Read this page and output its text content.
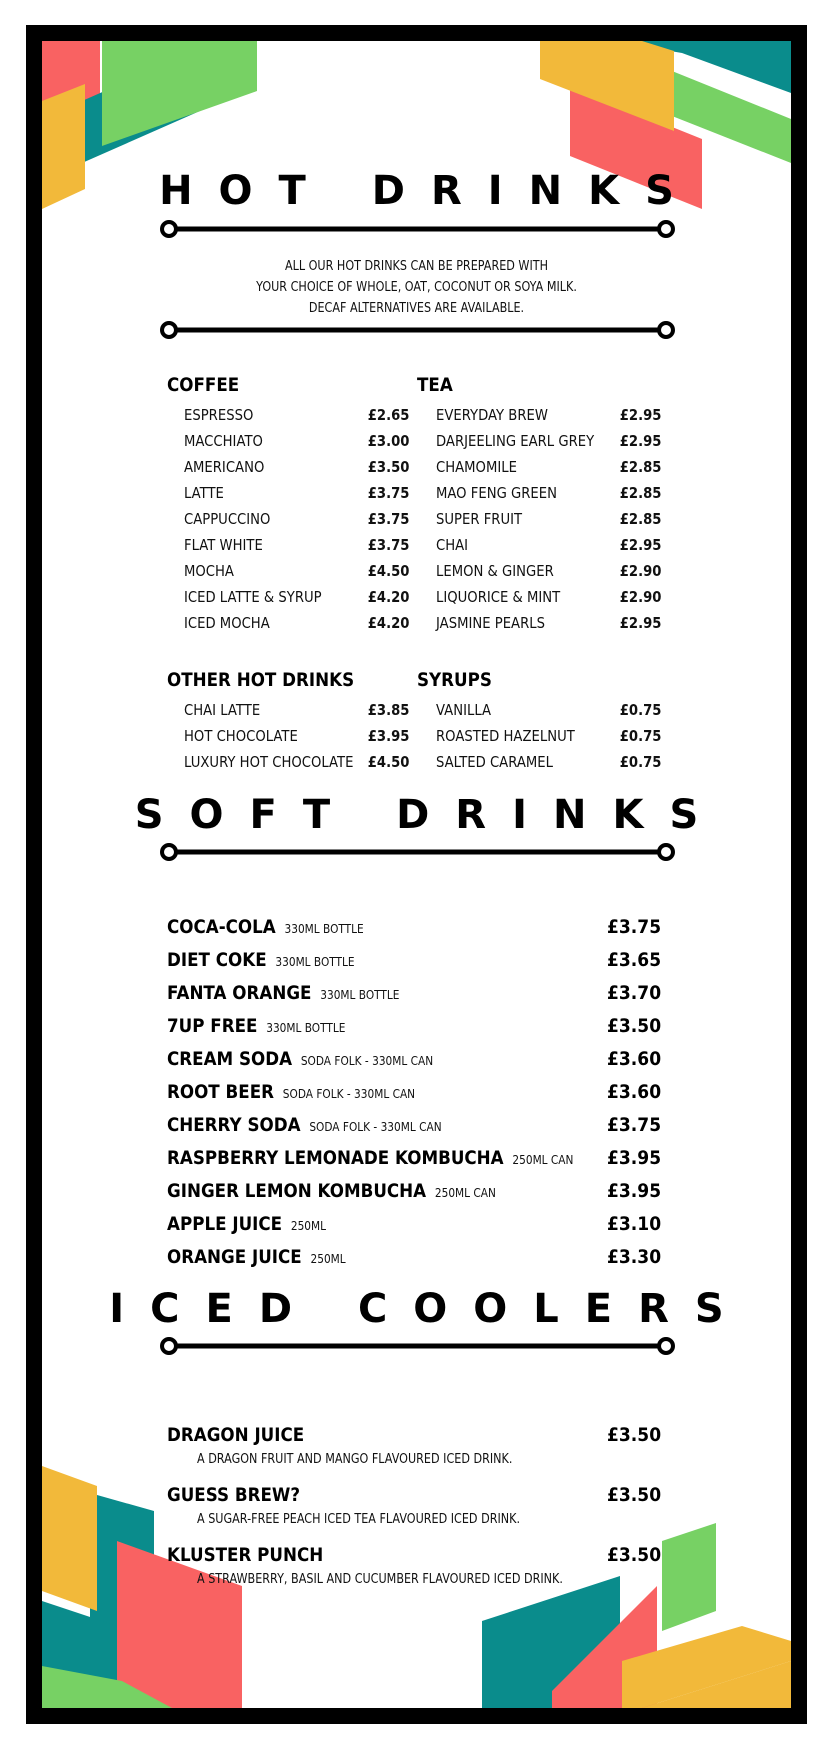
HOT DRINKS
ALL OUR HOT DRINKS CAN BE PREPARED WITH
YOUR CHOICE OF WHOLE, OAT, COCONUT OR SOYA MILK.
DECAF ALTERNATIVES ARE AVAILABLE.
COFFEE
ESPRESSO	£2.65
MACCHIATO	£3.00
AMERICANO	£3.50
LATTE	£3.75
CAPPUCCINO	£3.75
FLAT WHITE	£3.75
MOCHA	£4.50
ICED LATTE & SYRUP	£4.20
ICED MOCHA	£4.20
TEA
EVERYDAY BREW	£2.95
DARJEELING EARL GREY £2.95
CHAMOMILE	£2.85
MAO FENG GREEN	£2.85
SUPER FRUIT	£2.85
CHAI	£2.95
LEMON & GINGER	£2.90
LIQUORICE & MINT	£2.90
JASMINE PEARLS	£2.95
OTHER HOT DRINKS
CHAI LATTE	£3.85
HOT CHOCOLATE	£3.95
LUXURY HOT CHOCOLATE £4.50
SYRUPS
VANILLA	£0.75
ROASTED HAZELNUT	£0.75
SALTED CARAMEL	£0.75
SOFT DRINKS
COCA-COLA 330ML BOTTLE	£3.75
DIET COKE 330ML BOTTLE	£3.65
FANTA ORANGE 330ML BOTTLE	£3.70
7UP FREE 330ML BOTTLE	£3.50
CREAM SODA SODA FOLK - 330ML CAN	£3.60
ROOT BEER SODA FOLK - 330ML CAN	£3.60
CHERRY SODA SODA FOLK - 330ML CAN	£3.75
RASPBERRY LEMONADE KOMBUCHA 250ML CAN £3.95
GINGER LEMON KOMBUCHA 250ML CAN	£3.95
APPLE JUICE 250ML	£3.10
ORANGE JUICE 250ML	£3.30
ICED COOLERS
DRAGON JUICE	£3.50
A DRAGON FRUIT AND MANGO FLAVOURED ICED DRINK.
GUESS BREW?	£3.50
A SUGAR-FREE PEACH ICED TEA FLAVOURED ICED DRINK.
KLUSTER PUNCH	£3.50
A STRAWBERRY, BASIL AND CUCUMBER FLAVOURED ICED DRINK.
